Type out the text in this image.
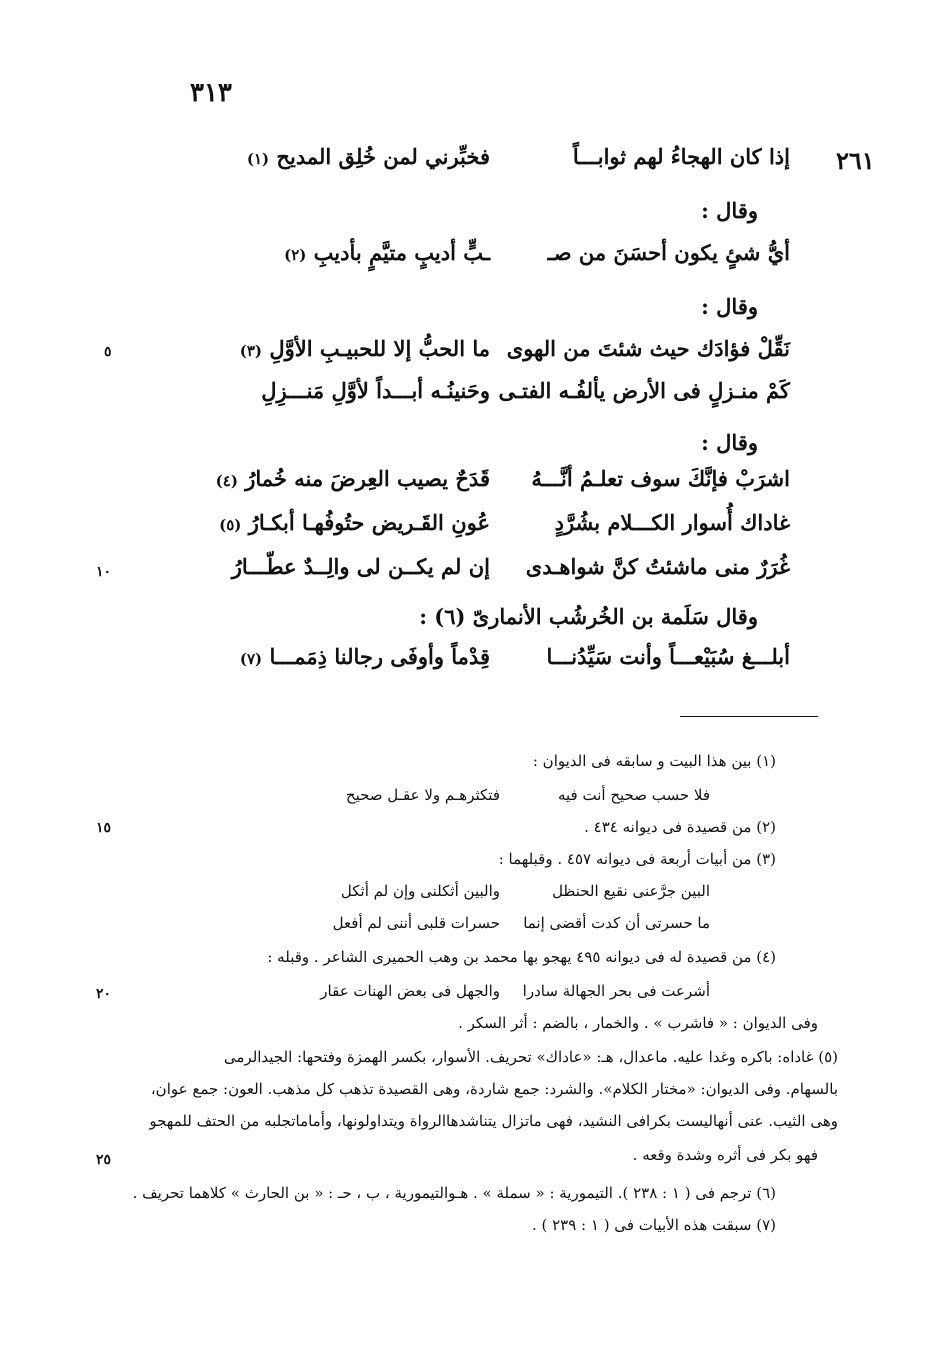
٣١٣
٢٦١
٥
١٠
١٥
٢٠
٢٥
إذا كان الهجاءُ لهم ثوابـــاً
فخبِّرني لمن خُلِق المديح (١)
وقال :
أيُّ شئٍ يكون أحسَنَ من صـ
ـبٍّ أديبٍ متيَّمٍ بأديبِ (٢)
وقال :
نَقِّلْ فؤادَك حيث شئتَ من الهوى
ما الحبُّ إلا للحبيـبِ الأوَّلِ (٣)
كَمْ منـزلٍ فى الأرض يألفُـه الفتـى
وحَنينُـه أبـــداً لأوَّلِ مَنـــزِلِ
وقال :
اشرَبْ فإنَّكَ سوف تعلـمُ أنَّـــهُ
قَدَحٌ يصيب العِرضَ منه خُمارُ (٤)
غاداك أُسوار الكـــلام بشُرَّدٍ
عُونِ القَـريض حتُوفُهـا أبكـارُ (٥)
غُرَرٌ منى ماشئتُ كنَّ شواهـدى
إن لم يكــن لى والِــدٌ عطّـــارُ
وقال سَلَمة بن الخُرشُب الأنمارىّ (٦) :
أبلـــغ سُبَيْعـــاً وأنت سَيِّدُنـــا
قِدْماً وأوفَى رجالنا ذِمَمـــا (٧)
(١) بين هذا البيت و سابقه فى الديوان :
فلا حسب صحيح أنت فيه
فتكثرهـم ولا عقـل صحيح
(٢) من قصيدة فى ديوانه ٤٣٤ .
(٣) من أبيات أربعة فى ديوانه ٤٥٧ . وقبلهما :
البين جرَّعنى نقيع الحنظل
والبين أثكلنى وإن لم أثكل
ما حسرتى أن كدت أقضى إنما
حسرات قلبى أننى لم أفعل
(٤) من قصيدة له فى ديوانه ٤٩٥ يهجو بها محمد بن وهب الحميرى الشاعر . وقبله :
أشرعت فى بحر الجهالة سادرا
والجهل فى بعض الهنات عقار
وفى الديوان : « فاشرب » . والخمار ، بالضم : أثر السكر .
(٥) غاداه: باكره وغدا عليه. ماعدال، هـ: «عاداك» تحريف. الأسوار، بكسر الهمزة وفتحها: الجيدالرمى
بالسهام. وفى الديوان: «مختار الكلام». والشرد: جمع شاردة، وهى القصيدة تذهب كل مذهب. العون: جمع عوان،
وهى الثيب. عنى أنهاليست بكرافى النشيد، فهى ماتزال يتناشدهاالرواة ويتداولونها، وأماماتجلبه من الحتف للمهجو
فهو بكر فى أثره وشدة وقعه .
(٦) ترجم فى ( ١ : ٢٣٨ ). التيمورية : « سملة » . هـوالتيمورية ، ب ، حـ : « بن الحارث » كلاهما تحريف .
(٧) سبقت هذه الأبيات فى ( ١ : ٢٣٩ ) .
